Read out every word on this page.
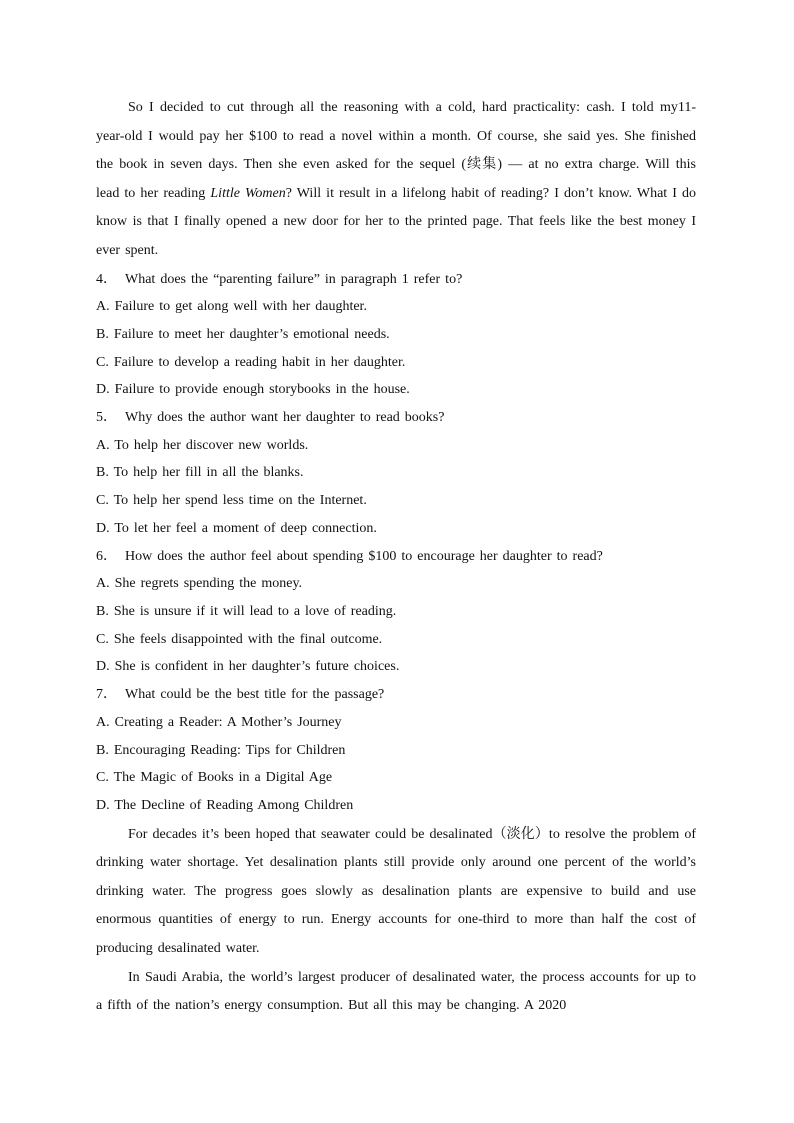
So I decided to cut through all the reasoning with a cold, hard practicality: cash. I told my11-year-old I would pay her $100 to read a novel within a month. Of course, she said yes. She finished the book in seven days. Then she even asked for the sequel (续集) — at no extra charge. Will this lead to her reading Little Women? Will it result in a lifelong habit of reading? I don’t know. What I do know is that I finally opened a new door for her to the printed page. That feels like the best money I ever spent.

4． What does the “parenting failure” in paragraph 1 refer to?

A. Failure to get along well with her daughter.

B. Failure to meet her daughter’s emotional needs.

C. Failure to develop a reading habit in her daughter.

D. Failure to provide enough storybooks in the house.

5． Why does the author want her daughter to read books?

A. To help her discover new worlds.

B. To help her fill in all the blanks.

C. To help her spend less time on the Internet.

D. To let her feel a moment of deep connection.

6． How does the author feel about spending $100 to encourage her daughter to read?

A. She regrets spending the money.

B. She is unsure if it will lead to a love of reading.

C. She feels disappointed with the final outcome.

D. She is confident in her daughter’s future choices.

7． What could be the best title for the passage?

A. Creating a Reader: A Mother’s Journey

B. Encouraging Reading: Tips for Children

C. The Magic of Books in a Digital Age

D. The Decline of Reading Among Children

For decades it’s been hoped that seawater could be desalinated（淡化）to resolve the problem of drinking water shortage. Yet desalination plants still provide only around one percent of the world’s drinking water. The progress goes slowly as desalination plants are expensive to build and use enormous quantities of energy to run. Energy accounts for one-third to more than half the cost of producing desalinated water.

In Saudi Arabia, the world’s largest producer of desalinated water, the process accounts for up to a fifth of the nation’s energy consumption. But all this may be changing. A 2020
